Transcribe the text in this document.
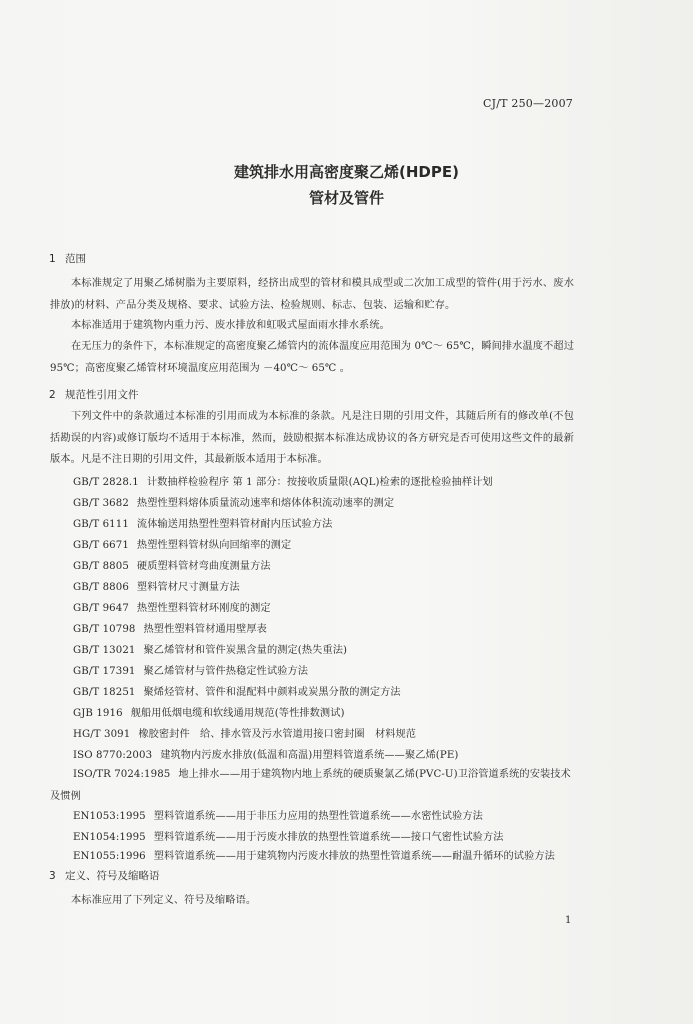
CJ/T 250—2007
建筑排水用高密度聚乙烯(HDPE)
管材及管件
1 范围
本标准规定了用聚乙烯树脂为主要原料，经挤出成型的管材和模具成型或二次加工成型的管件(用于污水、废水排放)的材料、产品分类及规格、要求、试验方法、检验规则、标志、包装、运输和贮存。
本标准适用于建筑物内重力污、废水排放和虹吸式屋面雨水排水系统。
在无压力的条件下，本标准规定的高密度聚乙烯管内的流体温度应用范围为 0℃～ 65℃，瞬间排水温度不超过 95℃；高密度聚乙烯管材环境温度应用范围为 －40℃～ 65℃ 。
2 规范性引用文件
下列文件中的条款通过本标准的引用而成为本标准的条款。凡是注日期的引用文件，其随后所有的修改单(不包括勘误的内容)或修订版均不适用于本标准，然而，鼓励根据本标准达成协议的各方研究是否可使用这些文件的最新版本。凡是不注日期的引用文件，其最新版本适用于本标准。
GB/T 2828.1 计数抽样检验程序 第 1 部分：按接收质量限(AQL)检索的逐批检验抽样计划
GB/T 3682 热塑性塑料熔体质量流动速率和熔体体积流动速率的测定
GB/T 6111 流体输送用热塑性塑料管材耐内压试验方法
GB/T 6671 热塑性塑料管材纵向回缩率的测定
GB/T 8805 硬质塑料管材弯曲度测量方法
GB/T 8806 塑料管材尺寸测量方法
GB/T 9647 热塑性塑料管材环刚度的测定
GB/T 10798 热塑性塑料管材通用壁厚表
GB/T 13021 聚乙烯管材和管件炭黑含量的测定(热失重法)
GB/T 17391 聚乙烯管材与管件热稳定性试验方法
GB/T 18251 聚烯烃管材、管件和混配料中颜料或炭黑分散的测定方法
GJB 1916 舰船用低烟电缆和软线通用规范(等性排数测试)
HG/T 3091 橡胶密封件　给、排水管及污水管道用接口密封圈　材料规范
ISO 8770:2003 建筑物内污废水排放(低温和高温)用塑料管道系统——聚乙烯(PE)
ISO/TR 7024:1985 地上排水——用于建筑物内地上系统的硬质聚氯乙烯(PVC-U)卫浴管道系统的安装技术及惯例
EN1053:1995 塑料管道系统——用于非压力应用的热塑性管道系统——水密性试验方法
EN1054:1995 塑料管道系统——用于污废水排放的热塑性管道系统——接口气密性试验方法
EN1055:1996 塑料管道系统——用于建筑物内污废水排放的热塑性管道系统——耐温升循环的试验方法
3 定义、符号及缩略语
本标准应用了下列定义、符号及缩略语。
1
